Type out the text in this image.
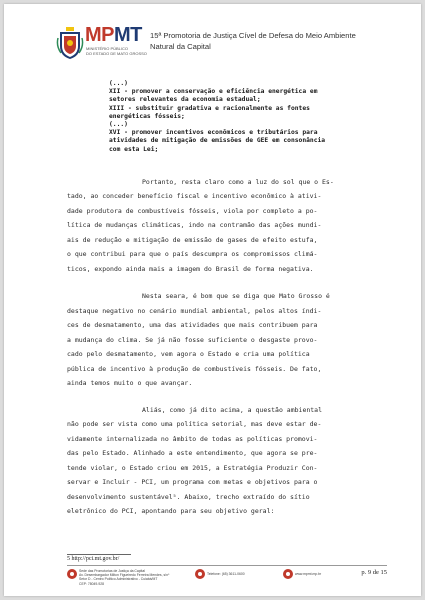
MPMT
MINISTÉRIO PÚBLICO
DO ESTADO DE MATO GROSSO
15ª Promotoria de Justiça Cível de Defesa do Meio Ambiente
Natural da Capital
(...)
XII - promover a conservação e eficiência energética em
setores relevantes da economia estadual;
XIII - substituir gradativa e racionalmente as fontes
energéticas fósseis;
(...)
XVI - promover incentivos econômicos e tributários para
atividades de mitigação de emissões de GEE em consonância
com esta Lei;
Portanto, resta claro como a luz do sol que o Es-
tado, ao conceder benefício fiscal e incentivo econômico à ativi-
dade produtora de combustíveis fósseis, viola por completo a po-
lítica de mudanças climáticas, indo na contramão das ações mundi-
ais de redução e mitigação de emissão de gases de efeito estufa,
o que contribui para que o país descumpra os compromissos climá-
ticos, expondo ainda mais a imagem do Brasil de forma negativa.
Nesta seara, é bom que se diga que Mato Grosso é
destaque negativo no cenário mundial ambiental, pelos altos índi-
ces de desmatamento, uma das atividades que mais contribuem para
a mudança do clima. Se já não fosse suficiente o desgaste provo-
cado pelo desmatamento, vem agora o Estado e cria uma política
pública de incentivo à produção de combustíveis fósseis. De fato,
ainda temos muito o que avançar.
Aliás, como já dito acima, a questão ambiental
não pode ser vista como uma política setorial, mas deve estar de-
vidamente internalizada no âmbito de todas as políticas promovi-
das pelo Estado. Alinhado a este entendimento, que agora se pre-
tende violar, o Estado criou em 2015, a Estratégia Produzir Con-
servar e Incluir - PCI, um programa com metas e objetivos para o
desenvolvimento sustentável⁵. Abaixo, trecho extraído do sítio
eletrônico do PCI, apontando para seu objetivo geral:
5 http://pci.mt.gov.br/
Sede das Promotorias de Justiça da Capital
Av. Desembargador Milton Figueiredo Ferreira Mendes, s/nº
Setor D - Centro Político Administrativo - Cuiabá/MT
CEP: 78049-928
Telefone: (65) 3611-0600	www.mpmt.mp.br	p. 9 de 15
